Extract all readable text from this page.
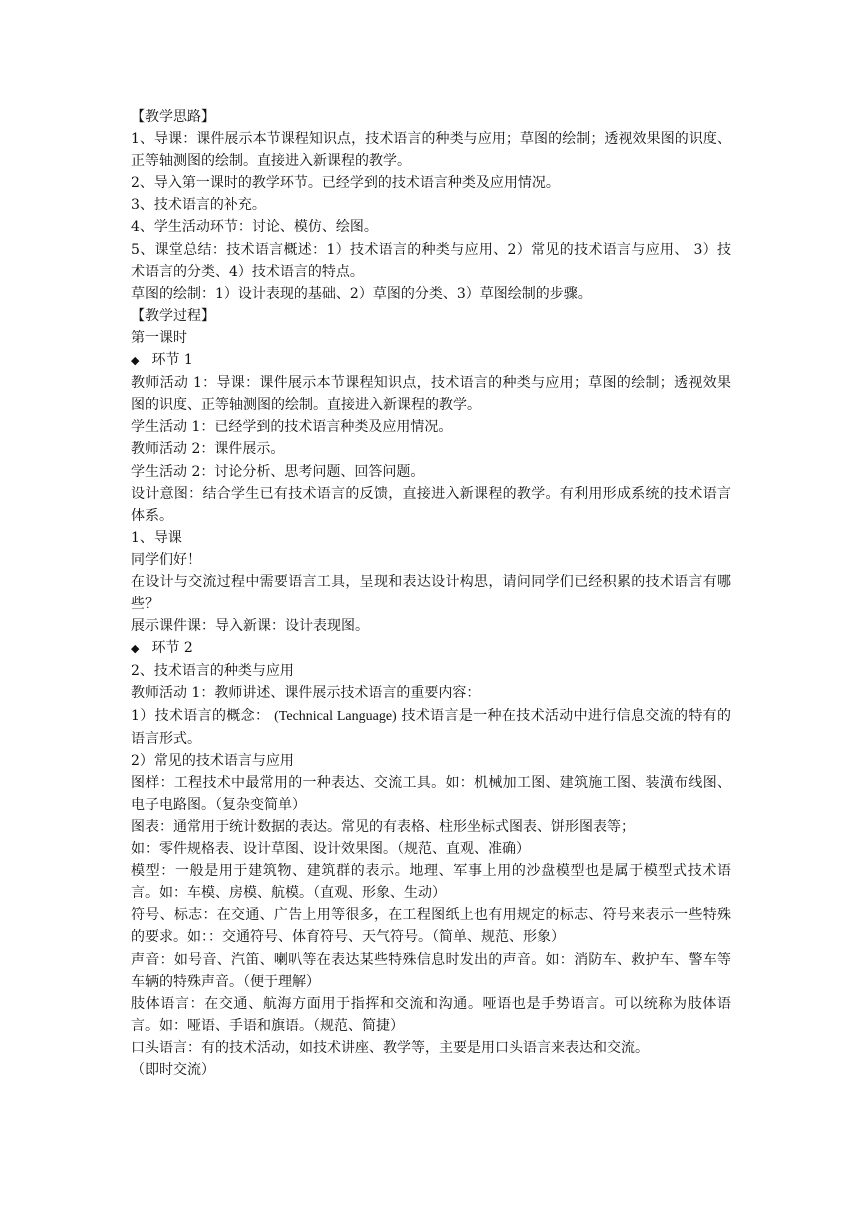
【教学思路】
1、导课：课件展示本节课程知识点，技术语言的种类与应用；草图的绘制；透视效果图的识度、正等轴测图的绘制。直接进入新课程的教学。
2、导入第一课时的教学环节。已经学到的技术语言种类及应用情况。
3、技术语言的补充。
4、学生活动环节：讨论、模仿、绘图。
5、课堂总结：技术语言概述：1）技术语言的种类与应用、2）常见的技术语言与应用、 3）技术语言的分类、4）技术语言的特点。
草图的绘制：1）设计表现的基础、2）草图的分类、3）草图绘制的步骤。
【教学过程】
第一课时
◆ 环节 1
教师活动 1：导课：课件展示本节课程知识点，技术语言的种类与应用；草图的绘制；透视效果图的识度、正等轴测图的绘制。直接进入新课程的教学。
学生活动 1：已经学到的技术语言种类及应用情况。
教师活动 2：课件展示。
学生活动 2：讨论分析、思考问题、回答问题。
设计意图：结合学生已有技术语言的反馈，直接进入新课程的教学。有利用形成系统的技术语言体系。
1、导课
同学们好！
在设计与交流过程中需要语言工具，呈现和表达设计构思，请问同学们已经积累的技术语言有哪些？
展示课件课：导入新课：设计表现图。
◆ 环节 2
2、技术语言的种类与应用
教师活动 1：教师讲述、课件展示技术语言的重要内容：
1）技术语言的概念： (Technical Language) 技术语言是一种在技术活动中进行信息交流的特有的语言形式。
2）常见的技术语言与应用
图样：工程技术中最常用的一种表达、交流工具。如：机械加工图、建筑施工图、装潢布线图、电子电路图。（复杂变简单）
图表：通常用于统计数据的表达。常见的有表格、柱形坐标式图表、饼形图表等；
如：零件规格表、设计草图、设计效果图。（规范、直观、准确）
模型：一般是用于建筑物、建筑群的表示。地理、军事上用的沙盘模型也是属于模型式技术语言。如：车模、房模、航模。（直观、形象、生动）
符号、标志：在交通、广告上用等很多，在工程图纸上也有用规定的标志、符号来表示一些特殊的要求。如：：交通符号、体育符号、天气符号。（简单、规范、形象）
声音：如号音、汽笛、喇叭等在表达某些特殊信息时发出的声音。如：消防车、救护车、警车等车辆的特殊声音。（便于理解）
肢体语言：在交通、航海方面用于指挥和交流和沟通。哑语也是手势语言。可以统称为肢体语言。如：哑语、手语和旗语。（规范、简捷）
口头语言：有的技术活动，如技术讲座、教学等，主要是用口头语言来表达和交流。
（即时交流）
